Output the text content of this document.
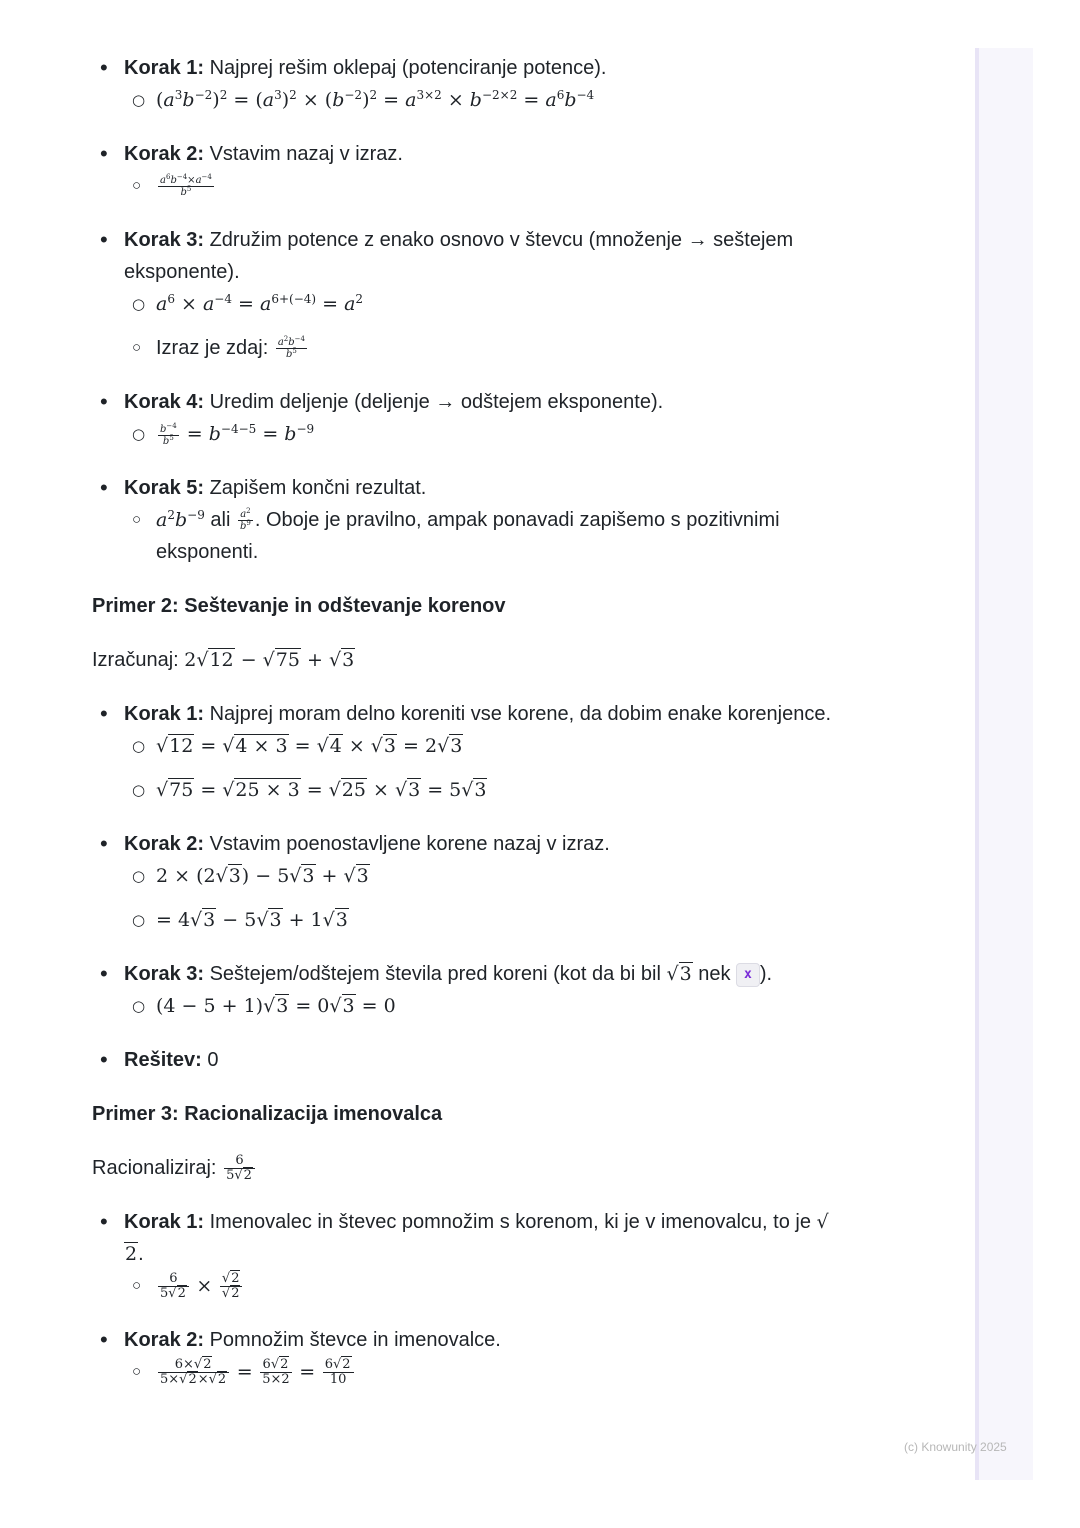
(c) Knowunity 2025
• Korak 1: Najprej rešim oklepaj (potenciranje potence).
○ $(a^3b^{-2})^2 = (a^3)^2 \times (b^{-2})^2 = a^{3\times 2} \times b^{-2\times 2} = a^6b^{-4}$
• Korak 2: Vstavim nazaj v izraz.
○ $\frac{a^6b^{-4}\times a^{-4}}{b^5}$
• Korak 3: Združim potence z enako osnovo v števcu (množenje → seštejem eksponente).
○ $a^6 \times a^{-4} = a^{6+(-4)} = a^2$
○ Izraz je zdaj: $\frac{a^2b^{-4}}{b^5}$
• Korak 4: Uredim deljenje (deljenje → odštejem eksponente).
○ $\frac{b^{-4}}{b^5} = b^{-4-5} = b^{-9}$
• Korak 5: Zapišem končni rezultat.
○ $a^2b^{-9}$ ali $\frac{a^2}{b^9}$ . Oboje je pravilno, ampak ponavadi zapišemo s pozitivnimi eksponenti.
Primer 2: Seštevanje in odštevanje korenov
Izračunaj: 2√12 − √75 + √3
• Korak 1: Najprej moram delno koreniti vse korene, da dobim enake korenjence.
○ √12 = √4 × 3 = √4 × √3 = 2√3
○ √75 = √25 × 3 = √25 × √3 = 5√3
• Korak 2: Vstavim poenostavljene korene nazaj v izraz.
○ 2 × (2√3) − 5√3 + √3
○ = 4√3 − 5√3 + 1√3
• Korak 3: Seštejem/odštejem števila pred koreni (kot da bi bil √3 nek x ).
○ (4 − 5 + 1)√3 = 0√3 = 0
• Rešitev: 0
Primer 3: Racionalizacija imenovalca
Racionaliziraj: $\frac{6}{5√2}$
• Korak 1: Imenovalec in števec pomnožim s korenom, ki je v imenovalcu, to je √2.
○ $\frac{6}{5√2} \times \frac{√2}{√2}$
• Korak 2: Pomnožim števce in imenovalce.
○ $\frac{6\times√2}{5\times√2\times√2} = \frac{6√2}{5\times 2} = \frac{6√2}{10}$
